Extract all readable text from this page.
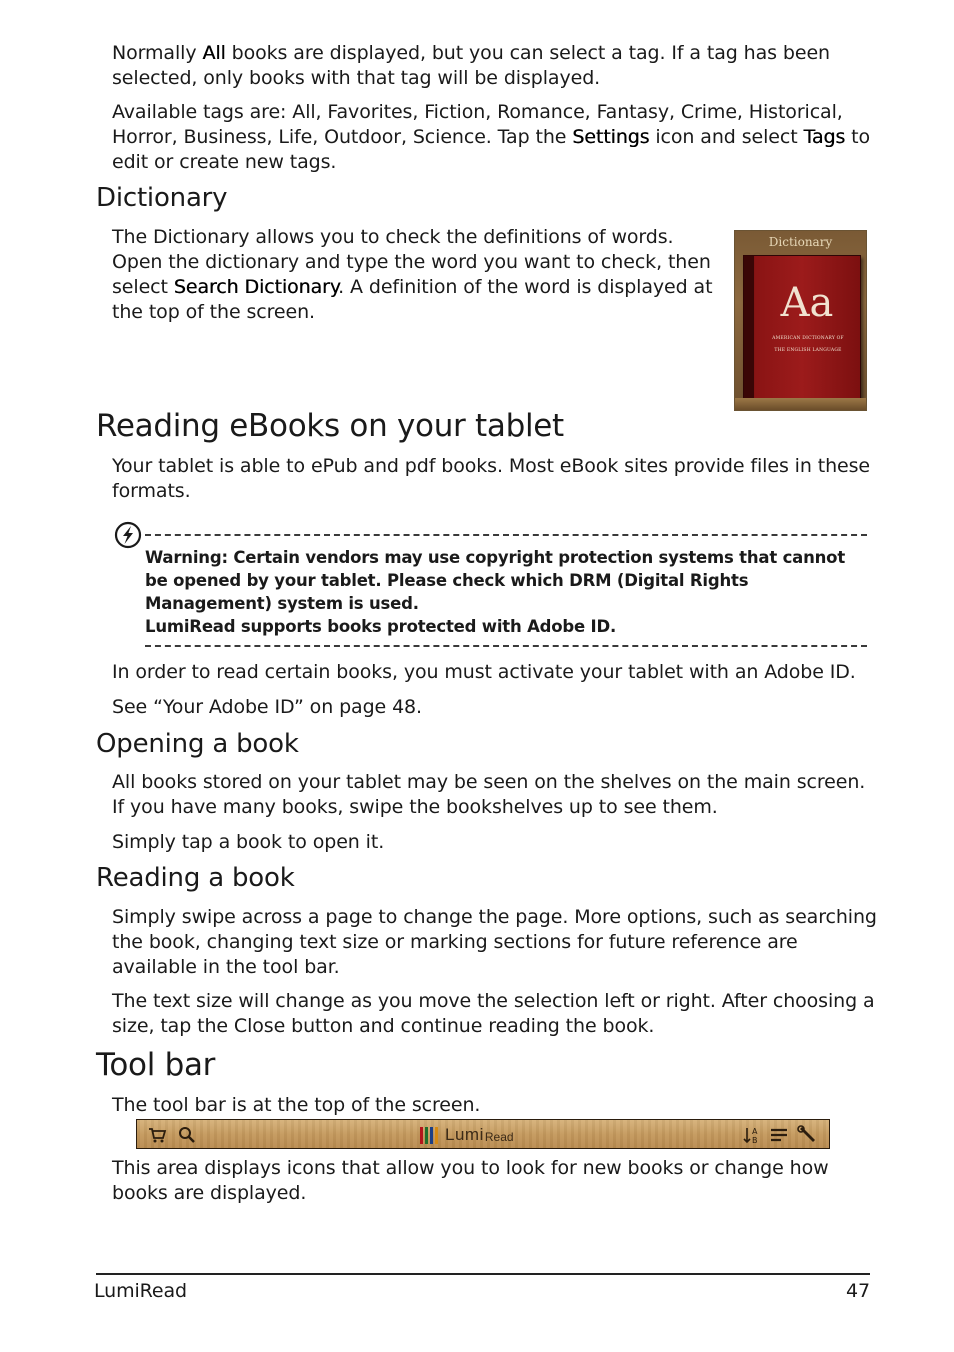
Normally All books are displayed, but you can select a tag. If a tag has been selected, only books with that tag will be displayed.

Available tags are: All, Favorites, Fiction, Romance, Fantasy, Crime, Historical, Horror, Business, Life, Outdoor, Science. Tap the Settings icon and select Tags to edit or create new tags.

Dictionary

The Dictionary allows you to check the definitions of words. Open the dictionary and type the word you want to check, then select Search Dictionary. A definition of the word is displayed at the top of the screen.

Dictionary
Aa
AMERICAN DICTIONARY OF
THE ENGLISH LANGUAGE
Reading eBooks on your tablet

Your tablet is able to ePub and pdf books. Most eBook sites provide files in these formats.

Warning: Certain vendors may use copyright protection systems that cannot be opened by your tablet. Please check which DRM (Digital Rights Management) system is used.
LumiRead supports books protected with Adobe ID.

In order to read certain books, you must activate your tablet with an Adobe ID.

See “Your Adobe ID” on page 48.

Opening a book

All books stored on your tablet may be seen on the shelves on the main screen. If you have many books, swipe the bookshelves up to see them.

Simply tap a book to open it.

Reading a book

Simply swipe across a page to change the page. More options, such as searching the book, changing text size or marking sections for future reference are available in the tool bar.

The text size will change as you move the selection left or right. After choosing a size, tap the Close button and continue reading the book.

Tool bar

The tool bar is at the top of the screen.

Lumi Read	A
B

This area displays icons that allow you to look for new books or change how books are displayed.

LumiRead	47
